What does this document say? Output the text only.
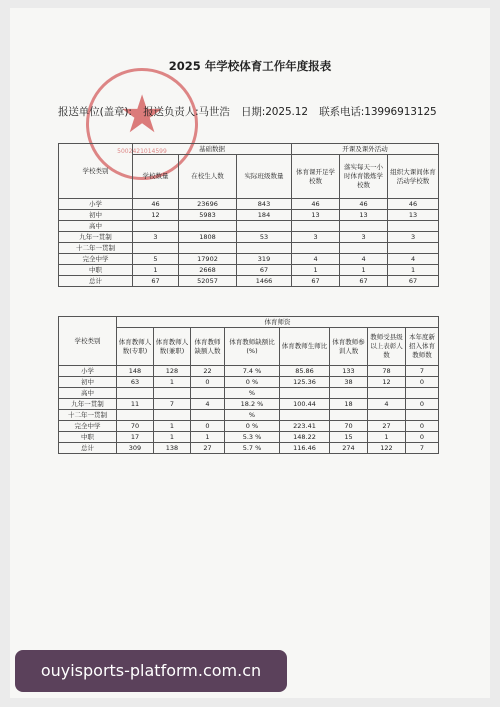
★
5002421014599
2025 年学校体育工作年度报表
报送单位(盖章): 报送负责人:马世浩 日期:2025.12 联系电话:13996913125
学校类别	基础数据			开课及课外活动		
	学校数量	在校生人数	实际班级数量	体育课开足学校数	落实每天一小时体育锻炼学校数	组织大课间体育活动学校数
小学	46	23696	843	46	46	46
初中	12	5983	184	13	13	13
高中						
九年一贯制	3	1808	53	3	3	3
十二年一贯制						
完全中学	5	17902	319	4	4	4
中职	1	2668	67	1	1	1
总计	67	52057	1466	67	67	67
学校类别	体育师资							
	体育教师人数(专职)	体育教师人数(兼职)	体育教师缺额人数	体育教师缺额比(%)	体育教师生师比	体育教师参训人数	教师受县级以上表彰人数	本年度新招入体育教师数
小学	148	128	22	7.4 %	85.86	133	78	7
初中	63	1	0	0 %	125.36	38	12	0
高中				%				
九年一贯制	11	7	4	18.2 %	100.44	18	4	0
十二年一贯制				%				
完全中学	70	1	0	0 %	223.41	70	27	0
中职	17	1	1	5.3 %	148.22	15	1	0
总计	309	138	27	5.7 %	116.46	274	122	7
ouyisports-platform.com.cn
